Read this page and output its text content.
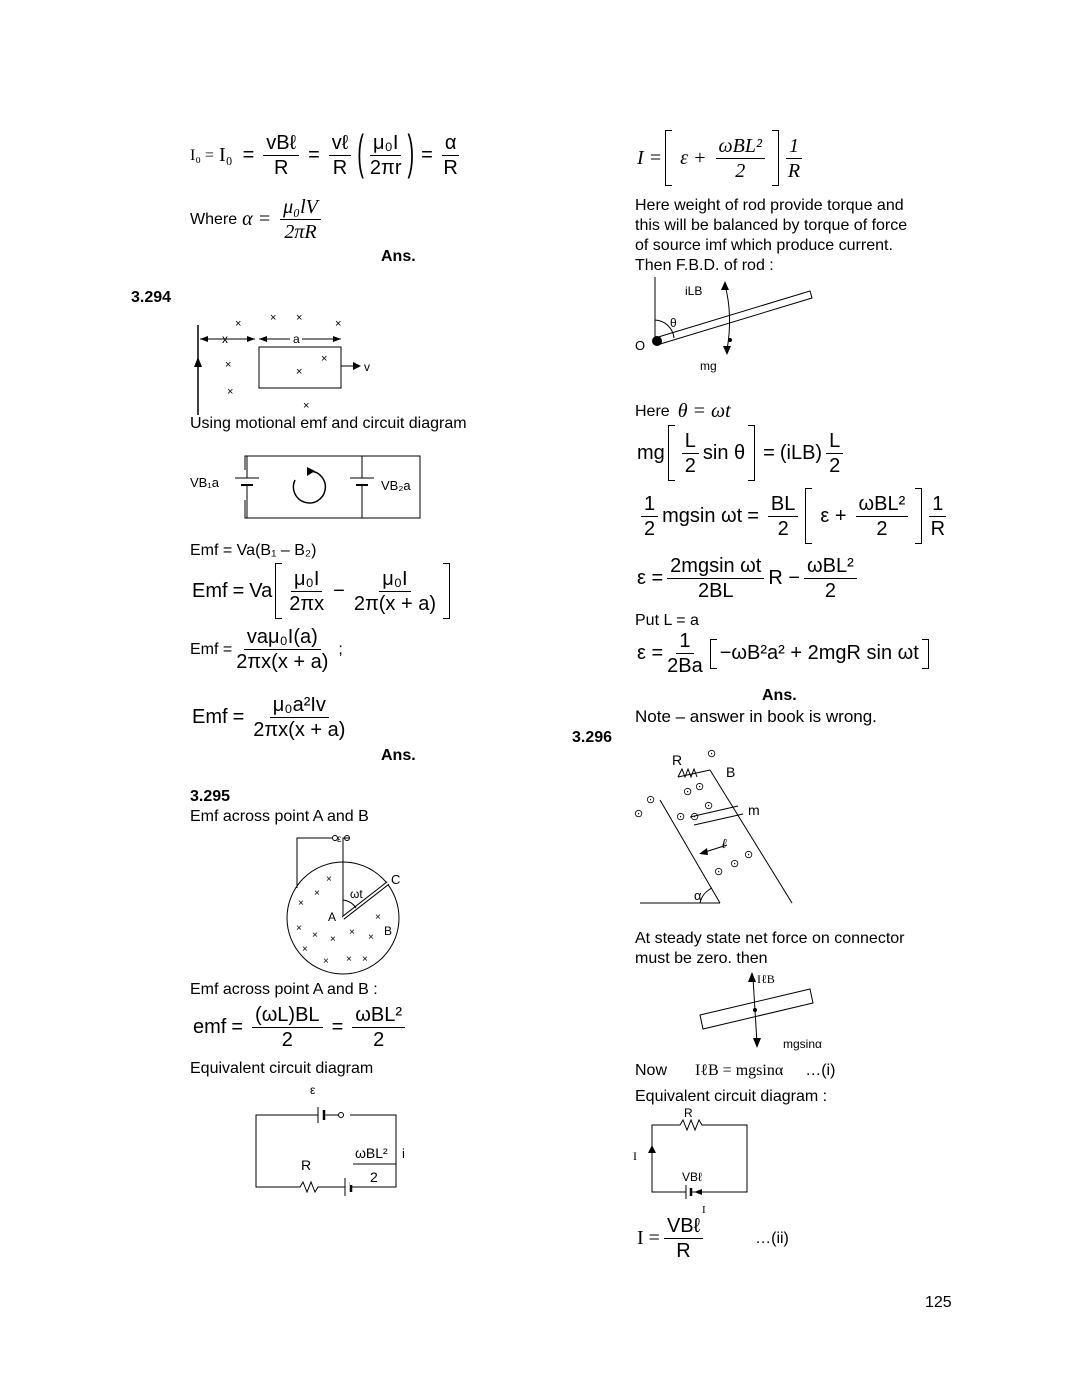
$I_0 = I_0 = \frac{\text{vBℓ}}{R} = \frac{\text{vℓ}}{R}$ ( $\frac{\text{μ₀I}}{2\pi r}$ ) = $\frac{\alpha}{R}$
Where $\alpha = \frac{\text{μ₀lV}}{2\pi R}$
Ans.
3.294
x	a
v
×	× ×	×
×
×
×
×
×
Using motional emf and circuit diagram
VB₁a	VB₂a
Emf = Va(B₁ – B₂)
Emf = Va $\frac{\text{μ₀I}}{2\pi x} - \frac{\text{μ₀I}}{2\pi(x + a)}$
Emf = $\frac{\text{vaμ₀I(a)}}{2\pi x(x + a)}$ ;
Emf = $\frac{\text{μ₀a²Iv}}{2\pi x(x + a)}$
Ans.
3.295
Emf across point A and B
ε
C
ωt
A
B
×
×
×
×
×
× ×
× ×
×
× × ×
Emf across point A and B :
emf = $\frac{(\omega L)BL}{2} = \frac{\text{ωBL²}}{2}$
Equivalent circuit diagram
ε
R
ωBL²
2
i
$I = \varepsilon + \frac{\text{ωBL²}}{2} \frac{1}{R}$

Here weight of rod provide torque and

this will be balanced by torque of force

of source imf which produce current.

Then F.B.D. of rod :

iLB
θ
O
mg
Here θ = ωt
mg $\frac{L}{2}$ $\sin \theta = (iLB) \frac{L}{2}$
$\frac{1}{2}$ mgsin $\omega t = \frac{BL}{2}$ $\varepsilon + \frac{\text{ωBL²}}{2} \frac{1}{R}$
$\varepsilon = \frac{\text{2mgsin ωt}}{2BL}$ $R - \frac{\text{ωBL²}}{2}$
Put L = a
$\varepsilon = \frac{1}{2Ba} -\omega B^2a^2 + 2mgR$ sin ωt
Ans.
Note – answer in book is wrong.
3.296
R
B
m
ℓ
α
⊙
⊙ ⊙
⊙
⊙
⊙	⊙ ⊙
⊙
⊙
⊙

At steady state net force on connector

must be zero. then

IℓB
mgsinα
Now IℓB = mgsinα …(i)
Equivalent circuit diagram :
R
I
VBℓ
I
$I = \frac{\text{VBℓ}}{R}$	…(ii)
125
